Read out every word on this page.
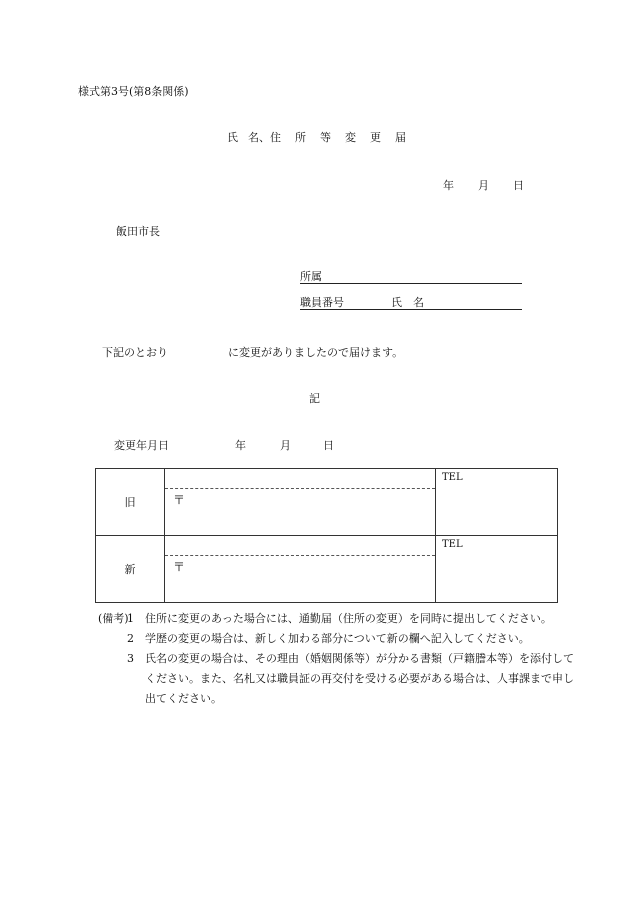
様式第3号(第8条関係)
氏 名、住 所 等 変 更 届
年 月 日
飯田市長
所属
職員番号	氏　名
下記のとおり	に変更がありましたので届けます。
記
変更年月日	年	月	日
旧	〒	TEL

新	〒	TEL
(備考)
1 住所に変更のあった場合には、通勤届（住所の変更）を同時に提出してください。
2 学歴の変更の場合は、新しく加わる部分について新の欄へ記入してください。
3 氏名の変更の場合は、その理由（婚姻関係等）が分かる書類（戸籍謄本等）を添付してください。また、名札又は職員証の再交付を受ける必要がある場合は、人事課まで申し出てください。
